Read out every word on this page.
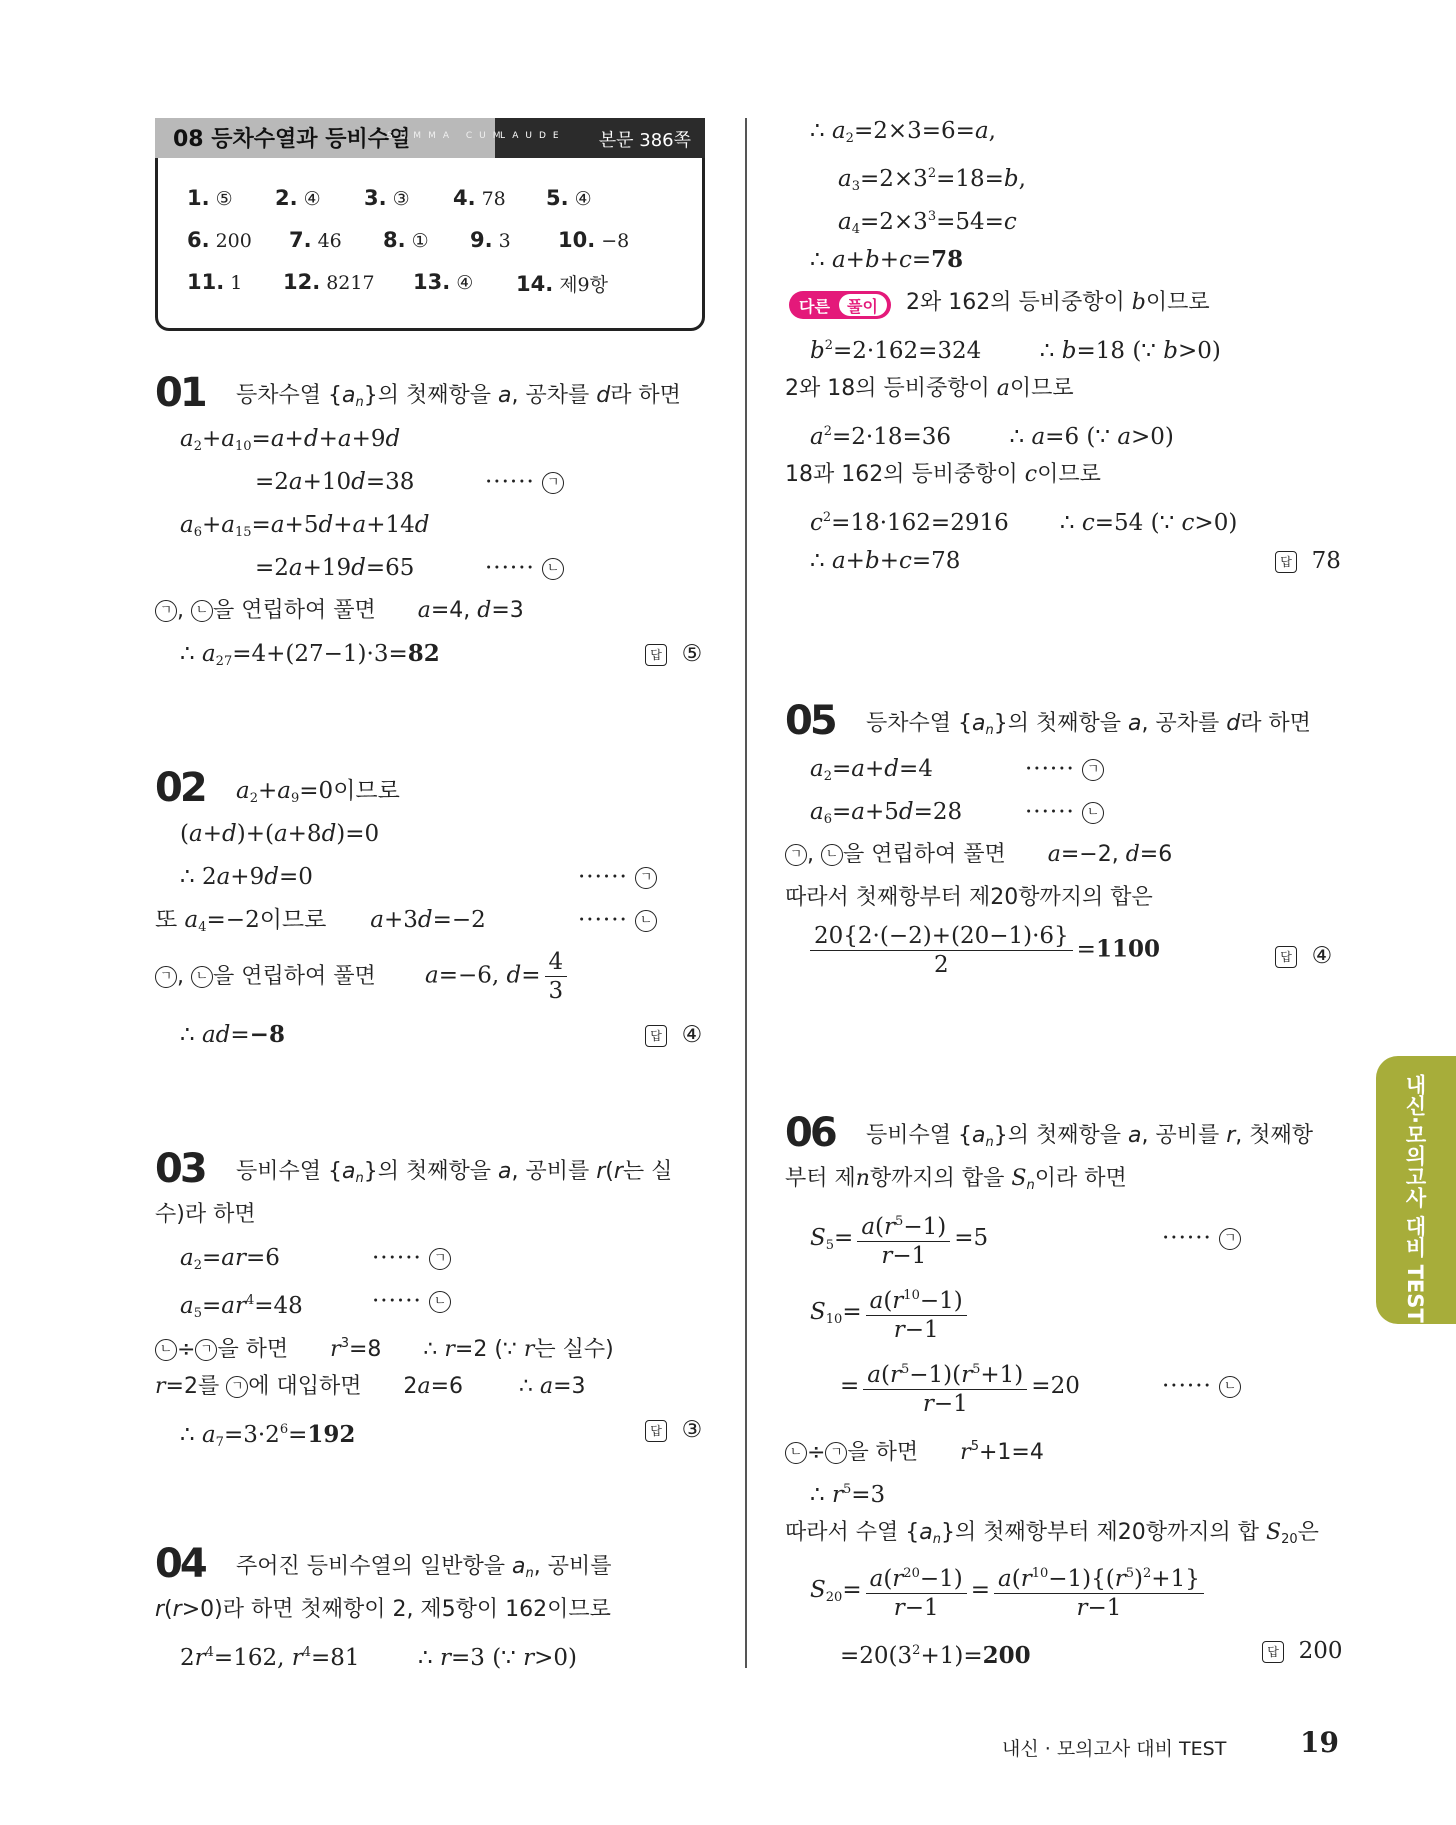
08 등차수열과 등비수열
SUMMA CUM
LAUDE 본문 386쪽
1. ⑤ 2. ④ 3. ③ 4. 78 5. ④
6. 200 7. 46 8. ① 9. 3 10. −8
11. 1 12. 8217 13. ④ 14. 제9항
01 등차수열 $\{a_n\}$의 첫째항을 a, 공차를 d라 하면
$a_2+a_{10}=a+d+a+9d$
=2a+10d=38	······ ㄱ
$a_6+a_{15}=a+5d+a+14d$
=2a+19d=65	······ ㄴ
ㄱ , ㄴ 을 연립하여 풀면      a=4, d=3
∴ $a_{27}=4+(27-1)\cdot 3=82$	답 ⑤
02 $a_2+a_9=0$이므로
(a+d)+(a+8d)=0
∴ 2a+9d=0	······ ㄱ
또 $a_4=-2$이므로 a+3d=−2	······ ㄴ
ㄱ , ㄴ 을 연립하여 풀면 a=−6, $d= \frac{4}{3}$
∴ ad=−8	답 ④
03 등비수열 $\{a_n\}$의 첫째항을 a, 공비를 r(r는 실
수)라 하면
$a_2=ar=6$	······ ㄱ
$a_5=ar^4=48$	······ ㄴ
ㄴ ÷ ㄱ 을 하면      $r^3=8$      ∴ r=2 (∵ r는 실수)
r=2를 ㄱ 에 대입하면      2a=6        ∴ a=3
∴ $a_7=3\cdot 2^6=192$	답 ③
04 주어진 등비수열의 일반항을 $a_n$, 공비를
r(r>0)라 하면 첫째항이 2, 제5항이 162이므로
$2r^4=162$, $r^4=81$        ∴ r=3 (∵ r>0)
∴ $a_2=2\times 3=6=a$,
$a_3=2\times 3^2=18=b$,
$a_4=2\times 3^3=54=c$
∴ a+b+c=78
다른 풀이 2와 162의 등비중항이 b이므로
$b^2=2\cdot 162=324$        ∴ b=18 (∵ b>0)
2와 18의 등비중항이 a이므로
$a^2=2\cdot 18=36$        ∴ a=6 (∵ a>0)
18과 162의 등비중항이 c이므로
$c^2=18\cdot 162=2916$       ∴ c=54 (∵ c>0)
∴ a+b+c=78	답 78
05 등차수열 $\{a_n\}$의 첫째항을 a, 공차를 d라 하면
$a_2=a+d=4$	······ ㄱ
$a_6=a+5d=28$	······ ㄴ
ㄱ , ㄴ 을 연립하여 풀면      a=−2, d=6
따라서 첫째항부터 제20항까지의 합은
$\frac{20\{2\cdot(-2)+(20-1)\cdot 6\}}{2} =1100$	답 ④
06 등비수열 $\{a_n\}$의 첫째항을 a, 공비를 r, 첫째항
부터 제n항까지의 합을 $S_n$이라 하면
$S_5= \frac{a(r^5-1)}{r-1} =5$	······ ㄱ
$S_{10}= \frac{a(r^{10}-1)}{r-1}$
= $\frac{a(r^5-1)(r^5+1)}{r-1} =20$	······ ㄴ
ㄴ ÷ ㄱ 을 하면      $r^5+1=4$
∴ $r^5=3$
따라서 수열 $\{a_n\}$의 첫째항부터 제20항까지의 합 $S_{20}$은
$S_{20}= \frac{a(r^{20}-1)}{r-1} = \frac{a(r^{10}-1)\{(r^5)^2+1\}}{r-1}$
$=20(3^2+1)=200$	답 200
내신·모의고사 대비 TEST
내신 · 모의고사 대비 TEST	19
